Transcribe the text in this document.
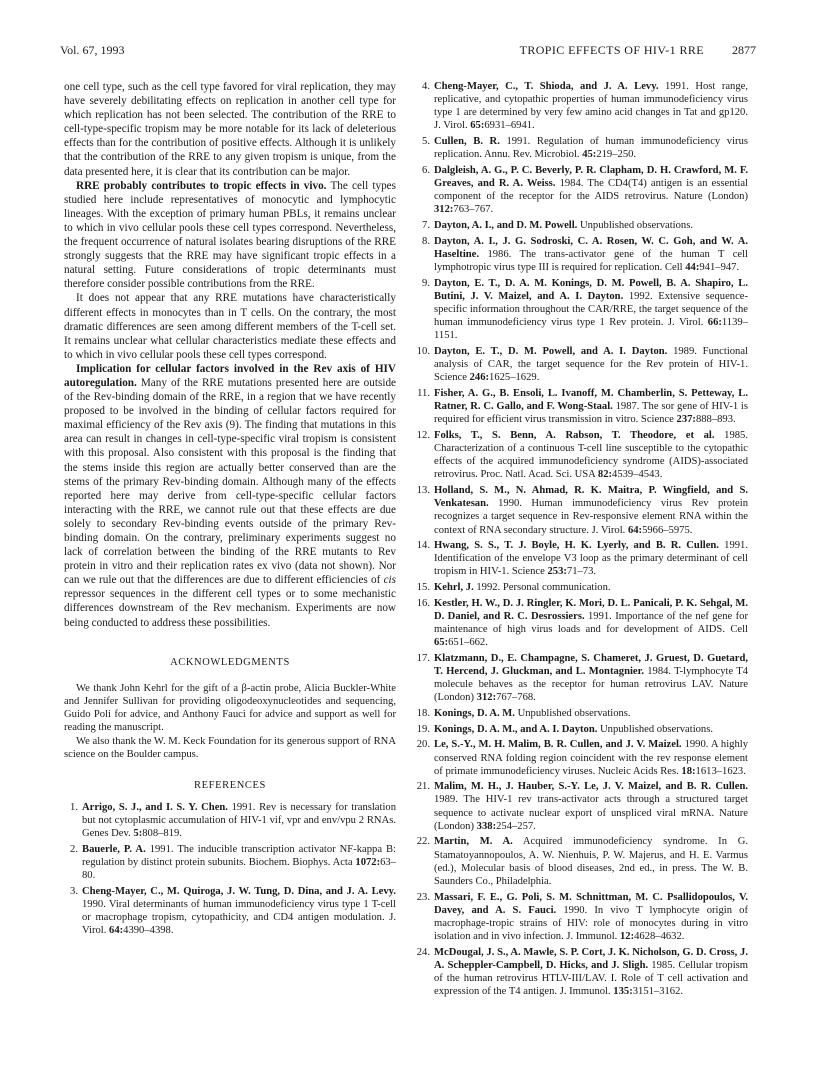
Vol. 67, 1993	TROPIC EFFECTS OF HIV-1 RRE 2877

one cell type, such as the cell type favored for viral replication, they may have severely debilitating effects on replication in another cell type for which replication has not been selected. The contribution of the RRE to cell-type-specific tropism may be more notable for its lack of deleterious effects than for the contribution of positive effects. Although it is unlikely that the contribution of the RRE to any given tropism is unique, from the data presented here, it is clear that its contribution can be major.

RRE probably contributes to tropic effects in vivo. The cell types studied here include representatives of monocytic and lymphocytic lineages. With the exception of primary human PBLs, it remains unclear to which in vivo cellular pools these cell types correspond. Nevertheless, the frequent occurrence of natural isolates bearing disruptions of the RRE strongly suggests that the RRE may have significant tropic effects in a natural setting. Future considerations of tropic determinants must therefore consider possible contributions from the RRE.

It does not appear that any RRE mutations have characteristically different effects in monocytes than in T cells. On the contrary, the most dramatic differences are seen among different members of the T-cell set. It remains unclear what cellular characteristics mediate these effects and to which in vivo cellular pools these cell types correspond.

Implication for cellular factors involved in the Rev axis of HIV autoregulation. Many of the RRE mutations presented here are outside of the Rev-binding domain of the RRE, in a region that we have recently proposed to be involved in the binding of cellular factors required for maximal efficiency of the Rev axis (9). The finding that mutations in this area can result in changes in cell-type-specific viral tropism is consistent with this proposal. Also consistent with this proposal is the finding that the stems inside this region are actually better conserved than are the stems of the primary Rev-binding domain. Although many of the effects reported here may derive from cell-type-specific cellular factors interacting with the RRE, we cannot rule out that these effects are due solely to secondary Rev-binding events outside of the primary Rev-binding domain. On the contrary, preliminary experiments suggest no lack of correlation between the binding of the RRE mutants to Rev protein in vitro and their replication rates ex vivo (data not shown). Nor can we rule out that the differences are due to different efficiencies of cis repressor sequences in the different cell types or to some mechanistic differences downstream of the Rev mechanism. Experiments are now being conducted to address these possibilities.

ACKNOWLEDGMENTS

We thank John Kehrl for the gift of a β-actin probe, Alicia Buckler-White and Jennifer Sullivan for providing oligodeoxynucleotides and sequencing, Guido Poli for advice, and Anthony Fauci for advice and support as well for reading the manuscript.

We also thank the W. M. Keck Foundation for its generous support of RNA science on the Boulder campus.

REFERENCES
1. Arrigo, S. J., and I. S. Y. Chen. 1991. Rev is necessary for translation but not cytoplasmic accumulation of HIV-1 vif, vpr and env/vpu 2 RNAs. Genes Dev. 5:808–819.
2. Bauerle, P. A. 1991. The inducible transcription activator NF-kappa B: regulation by distinct protein subunits. Biochem. Biophys. Acta 1072:63–80.
3. Cheng-Mayer, C., M. Quiroga, J. W. Tung, D. Dina, and J. A. Levy. 1990. Viral determinants of human immunodeficiency virus type 1 T-cell or macrophage tropism, cytopathicity, and CD4 antigen modulation. J. Virol. 64:4390–4398.
4. Cheng-Mayer, C., T. Shioda, and J. A. Levy. 1991. Host range, replicative, and cytopathic properties of human immunodeficiency virus type 1 are determined by very few amino acid changes in Tat and gp120. J. Virol. 65:6931–6941.
5. Cullen, B. R. 1991. Regulation of human immunodeficiency virus replication. Annu. Rev. Microbiol. 45:219–250.
6. Dalgleish, A. G., P. C. Beverly, P. R. Clapham, D. H. Crawford, M. F. Greaves, and R. A. Weiss. 1984. The CD4(T4) antigen is an essential component of the receptor for the AIDS retrovirus. Nature (London) 312:763–767.
7. Dayton, A. I., and D. M. Powell. Unpublished observations.
8. Dayton, A. I., J. G. Sodroski, C. A. Rosen, W. C. Goh, and W. A. Haseltine. 1986. The trans-activator gene of the human T cell lymphotropic virus type III is required for replication. Cell 44:941–947.
9. Dayton, E. T., D. A. M. Konings, D. M. Powell, B. A. Shapiro, L. Butini, J. V. Maizel, and A. I. Dayton. 1992. Extensive sequence-specific information throughout the CAR/RRE, the target sequence of the human immunodeficiency virus type 1 Rev protein. J. Virol. 66:1139–1151.
10. Dayton, E. T., D. M. Powell, and A. I. Dayton. 1989. Functional analysis of CAR, the target sequence for the Rev protein of HIV-1. Science 246:1625–1629.
11. Fisher, A. G., B. Ensoli, L. Ivanoff, M. Chamberlin, S. Petteway, L. Ratner, R. C. Gallo, and F. Wong-Staal. 1987. The sor gene of HIV-1 is required for efficient virus transmission in vitro. Science 237:888–893.
12. Folks, T., S. Benn, A. Rabson, T. Theodore, et al. 1985. Characterization of a continuous T-cell line susceptible to the cytopathic effects of the acquired immunodeficiency syndrome (AIDS)-associated retrovirus. Proc. Natl. Acad. Sci. USA 82:4539–4543.
13. Holland, S. M., N. Ahmad, R. K. Maitra, P. Wingfield, and S. Venkatesan. 1990. Human immunodeficiency virus Rev protein recognizes a target sequence in Rev-responsive element RNA within the context of RNA secondary structure. J. Virol. 64:5966–5975.
14. Hwang, S. S., T. J. Boyle, H. K. Lyerly, and B. R. Cullen. 1991. Identification of the envelope V3 loop as the primary determinant of cell tropism in HIV-1. Science 253:71–73.
15. Kehrl, J. 1992. Personal communication.
16. Kestler, H. W., D. J. Ringler, K. Mori, D. L. Panicali, P. K. Sehgal, M. D. Daniel, and R. C. Desrossiers. 1991. Importance of the nef gene for maintenance of high virus loads and for development of AIDS. Cell 65:651–662.
17. Klatzmann, D., E. Champagne, S. Chameret, J. Gruest, D. Guetard, T. Hercend, J. Gluckman, and L. Montagnier. 1984. T-lymphocyte T4 molecule behaves as the receptor for human retrovirus LAV. Nature (London) 312:767–768.
18. Konings, D. A. M. Unpublished observations.
19. Konings, D. A. M., and A. I. Dayton. Unpublished observations.
20. Le, S.-Y., M. H. Malim, B. R. Cullen, and J. V. Maizel. 1990. A highly conserved RNA folding region coincident with the rev response element of primate immunodeficiency viruses. Nucleic Acids Res. 18:1613–1623.
21. Malim, M. H., J. Hauber, S.-Y. Le, J. V. Maizel, and B. R. Cullen. 1989. The HIV-1 rev trans-activator acts through a structured target sequence to activate nuclear export of unspliced viral mRNA. Nature (London) 338:254–257.
22. Martin, M. A. Acquired immunodeficiency syndrome. In G. Stamatoyannopoulos, A. W. Nienhuis, P. W. Majerus, and H. E. Varmus (ed.), Molecular basis of blood diseases, 2nd ed., in press. The W. B. Saunders Co., Philadelphia.
23. Massari, F. E., G. Poli, S. M. Schnittman, M. C. Psallidopoulos, V. Davey, and A. S. Fauci. 1990. In vivo T lymphocyte origin of macrophage-tropic strains of HIV: role of monocytes during in vitro isolation and in vivo infection. J. Immunol. 12:4628–4632.
24. McDougal, J. S., A. Mawle, S. P. Cort, J. K. Nicholson, G. D. Cross, J. A. Scheppler-Campbell, D. Hicks, and J. Sligh. 1985. Cellular tropism of the human retrovirus HTLV-III/LAV. I. Role of T cell activation and expression of the T4 antigen. J. Immunol. 135:3151–3162.
